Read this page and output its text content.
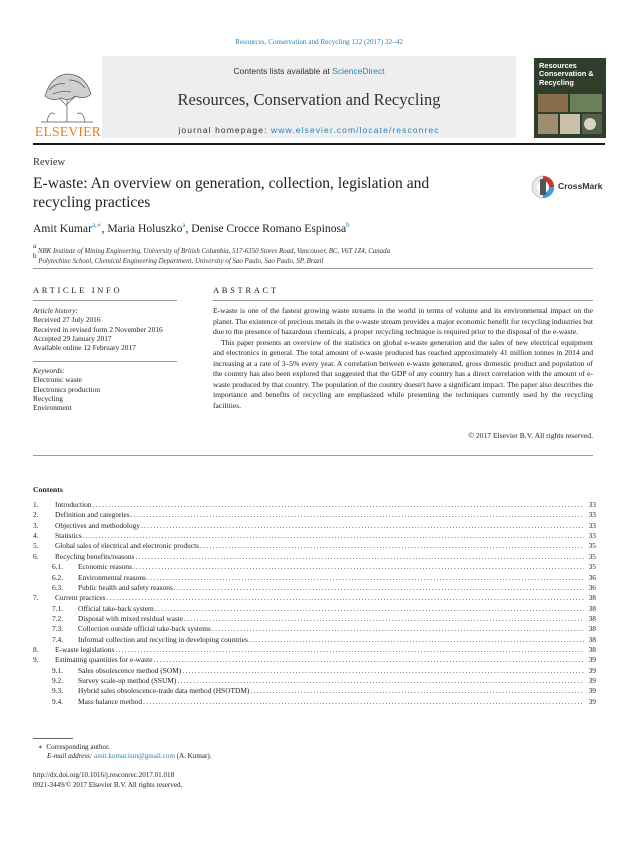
Resources, Conservation and Recycling 122 (2017) 32–42
ELSEVIER
Contents lists available at ScienceDirect
Resources, Conservation and Recycling
journal homepage: www.elsevier.com/locate/resconrec
Resources
Conservation &
Recycling
Review
E-waste: An overview on generation, collection, legislation and
recycling practices
CrossMark
Amit Kumar$^{a,∗}$, Maria Holuszko$^a$, Denise Crocce Romano Espinosa$^b$
$^a$ NBK Institute of Mining Engineering, University of British Columbia, 517-6350 Stores Road, Vancouver, BC, V6T 1Z4, Canada
$^b$ Polytechinc School, Chemical Engineering Department, University of Sao Paulo, Sao Paulo, SP, Brazil
ARTICLE INFO
Article history:
Received 27 July 2016
Received in revised form 2 November 2016
Accepted 29 January 2017
Available online 12 February 2017
Keywords:
Electronic waste
Electronics production
Recycling
Environment
ABSTRACT

E-waste is one of the fastest growing waste streams in the world in terms of volume and its environmental impact on the planet. The existence of precious metals in the e-waste stream provides a major economic benefit for recycling industries but due to the presence of hazardous chemicals, a proper recycling technique is required prior to the disposal of the e-waste.

This paper presents an overview of the statistics on global e-waste generation and the sales of new electrical equipment and electronics in general. The total amount of e-waste produced has reached approximately 41 million tonnes in 2014 and increasing at a rate of 3–5% every year. A correlation between e-waste generated, gross domestic product and population of the country has also been explored that suggested that the GDP of any country has a direct correlation with the amount of e-waste produced by that country. The population of the country doesn't have a significant impact. The paper also describes the importance and benefits of recycling are emphasized while presenting the techniques currently used by the recycling facilities.

© 2017 Elsevier B.V. All rights reserved.
Contents
1.	Introduction .....	33
2.	Definition and categories .....	33
3.	Objectives and methodology .....	33
4.	Statistics .....	33
5.	Global sales of electrical and electronic products .....	35
6.	Recycling benefits/reasons .....	35
6.1.	Economic reasons .....	35
6.2.	Environmental reasons .....	36
6.3.	Public health and safety reasons .....	36
7.	Current practices .....	38
7.1.	Official take-back system .....	38
7.2.	Disposal with mixed residual waste .....	38
7.3.	Collection outside official take-back systems .....	38
7.4.	Informal collection and recycling in developing countries .....	38
8.	E-waste legislations .....	38
9.	Estimating quantities for e-waste .....	39
9.1.	Sales obsolescence method (SOM) .....	39
9.2.	Survey scale-up method (SSUM) .....	39
9.3.	Hybrid sales obsolescence-trade data method (HSOTDM) .....	39
9.4.	Mass balance method .....	39
∗ Corresponding author.
E-mail address: amit.kumar.ism@gmail.com (A. Kumar).
http://dx.doi.org/10.1016/j.resconrec.2017.01.018
0921-3449/© 2017 Elsevier B.V. All rights reserved.
